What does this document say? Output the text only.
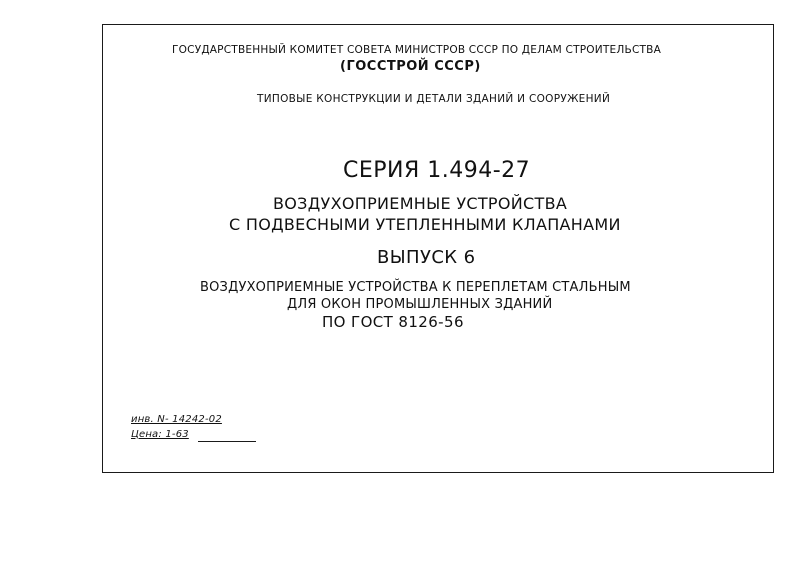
ГОСУДАРСТВЕННЫЙ КОМИТЕТ СОВЕТА МИНИСТРОВ СССР ПО ДЕЛАМ СТРОИТЕЛЬСТВА
(ГОССТРОЙ СССР)
ТИПОВЫЕ КОНСТРУКЦИИ И ДЕТАЛИ ЗДАНИЙ И СООРУЖЕНИЙ
СЕРИЯ 1.494-27
ВОЗДУХОПРИЕМНЫЕ УСТРОЙСТВА
С ПОДВЕСНЫМИ УТЕПЛЕННЫМИ КЛАПАНАМИ
ВЫПУСК 6
ВОЗДУХОПРИЕМНЫЕ УСТРОЙСТВА К ПЕРЕПЛЕТАМ СТАЛЬНЫМ
ДЛЯ ОКОН ПРОМЫШЛЕННЫХ ЗДАНИЙ
ПО ГОСТ 8126-56
инв. N- 14242-02
Цена: 1-63
